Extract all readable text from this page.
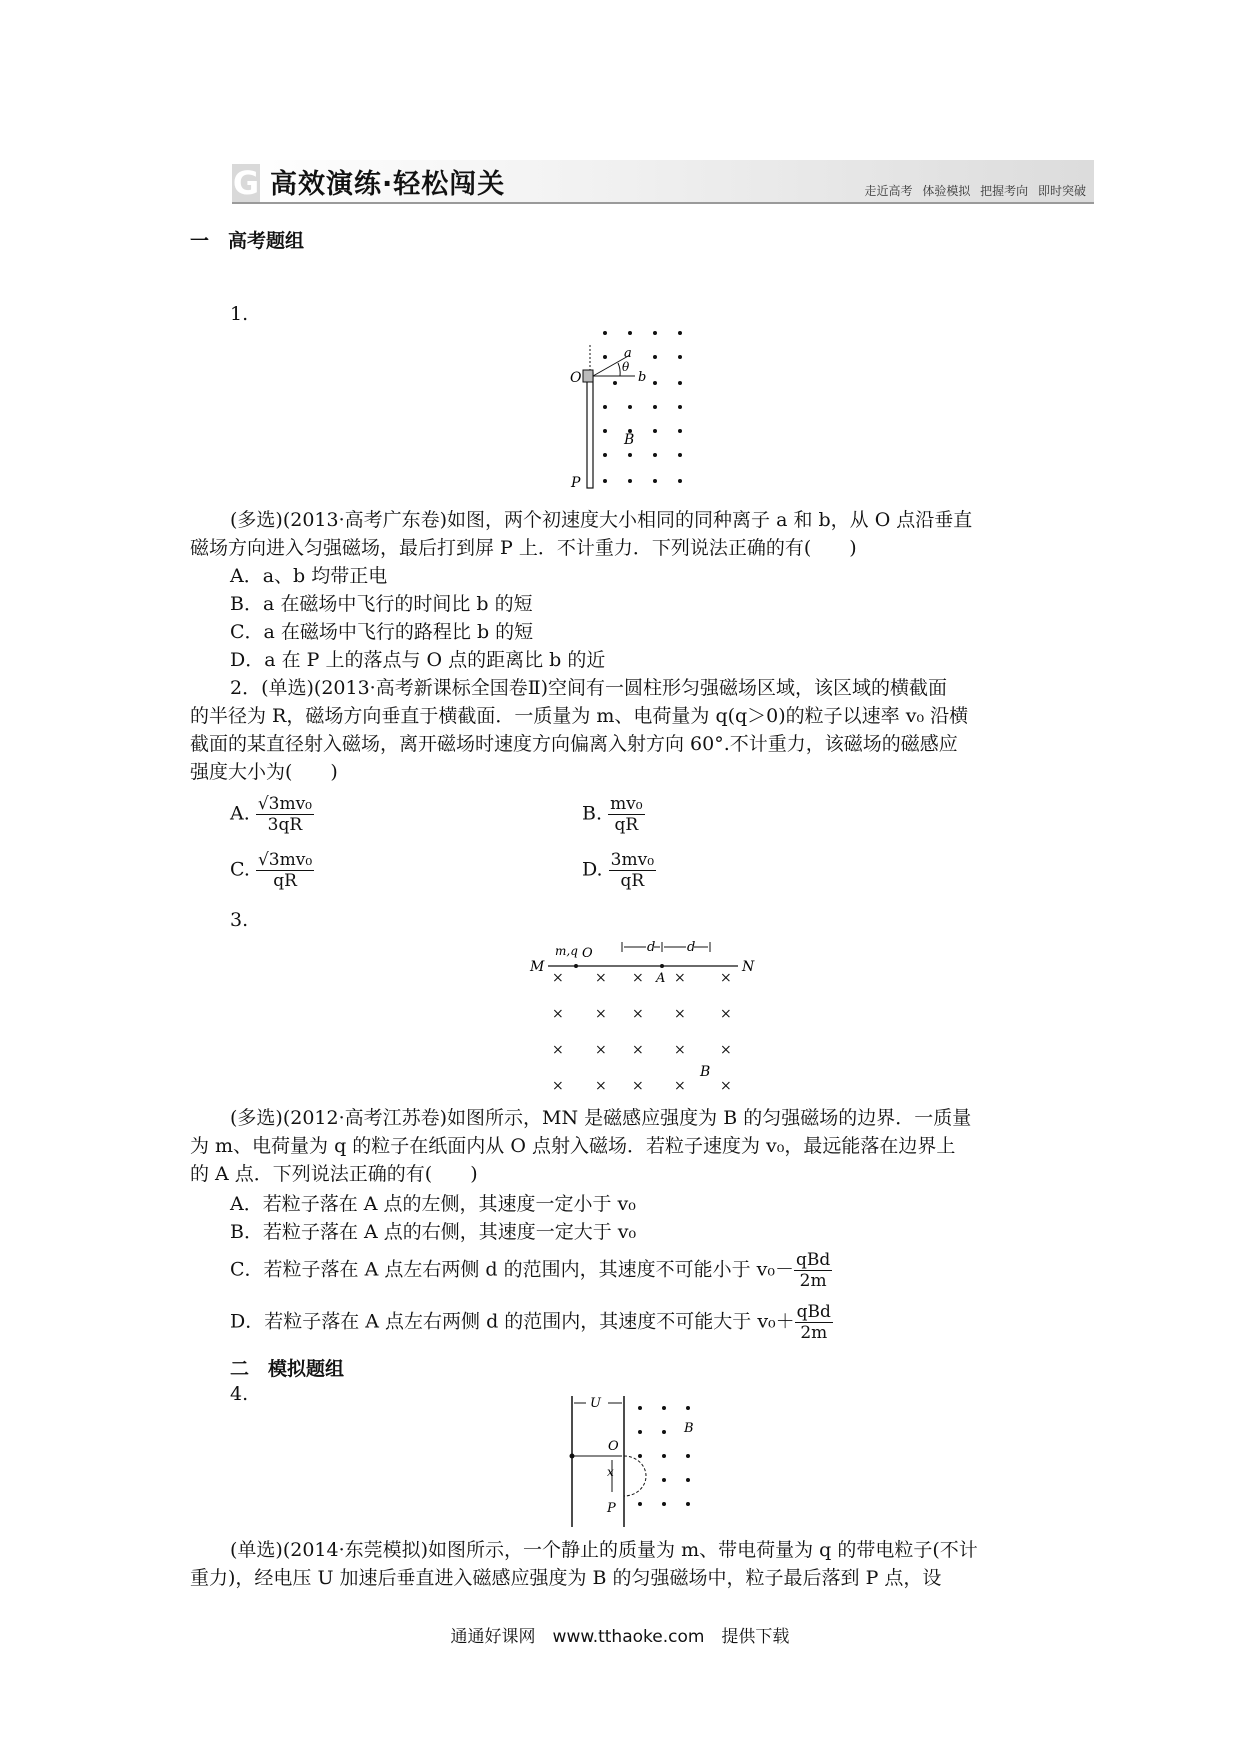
G 高效演练·轻松闯关	走近高考 体验模拟 把握考向 即时突破
一　高考题组
1.
O
a
θ
b
B
P
(多选)(2013·高考广东卷)如图，两个初速度大小相同的同种离子 a 和 b，从 O 点沿垂直
磁场方向进入匀强磁场，最后打到屏 P 上．不计重力．下列说法正确的有(　　)
A．a、b 均带正电
B．a 在磁场中飞行的时间比 b 的短
C．a 在磁场中飞行的路程比 b 的短
D．a 在 P 上的落点与 O 点的距离比 b 的近
2．(单选)(2013·高考新课标全国卷Ⅱ)空间有一圆柱形匀强磁场区域，该区域的横截面
的半径为 R，磁场方向垂直于横截面．一质量为 m、电荷量为 q(q＞0)的粒子以速率 v₀ 沿横
截面的某直径射入磁场，离开磁场时速度方向偏离入射方向 60°.不计重力，该磁场的磁感应
强度大小为(　　)
A. $\frac{\text{√3mv₀}}{3qR}$	B. $\frac{\text{mv₀}}{qR}$
C. $\frac{\text{√3mv₀}}{qR}$	D. $\frac{\text{3mv₀}}{qR}$
3.
M
m,q O	d d
A
N
B
× × × × ×
× × × × ×
× × × × ×
× × × × ×
(多选)(2012·高考江苏卷)如图所示，MN 是磁感应强度为 B 的匀强磁场的边界．一质量
为 m、电荷量为 q 的粒子在纸面内从 O 点射入磁场．若粒子速度为 v₀，最远能落在边界上
的 A 点．下列说法正确的有(　　)
A．若粒子落在 A 点的左侧，其速度一定小于 v₀
B．若粒子落在 A 点的右侧，其速度一定大于 v₀
C．若粒子落在 A 点左右两侧 d 的范围内，其速度不可能小于 $v_0- \frac{\text{qBd}}{2m}$
D．若粒子落在 A 点左右两侧 d 的范围内，其速度不可能大于 $v_0+ \frac{\text{qBd}}{2m}$
二　模拟题组
4.	U
x
O
P
B
(单选)(2014·东莞模拟)如图所示，一个静止的质量为 m、带电荷量为 q 的带电粒子(不计
重力)，经电压 U 加速后垂直进入磁感应强度为 B 的匀强磁场中，粒子最后落到 P 点，设
通通好课网　www.tthaoke.com　提供下载
